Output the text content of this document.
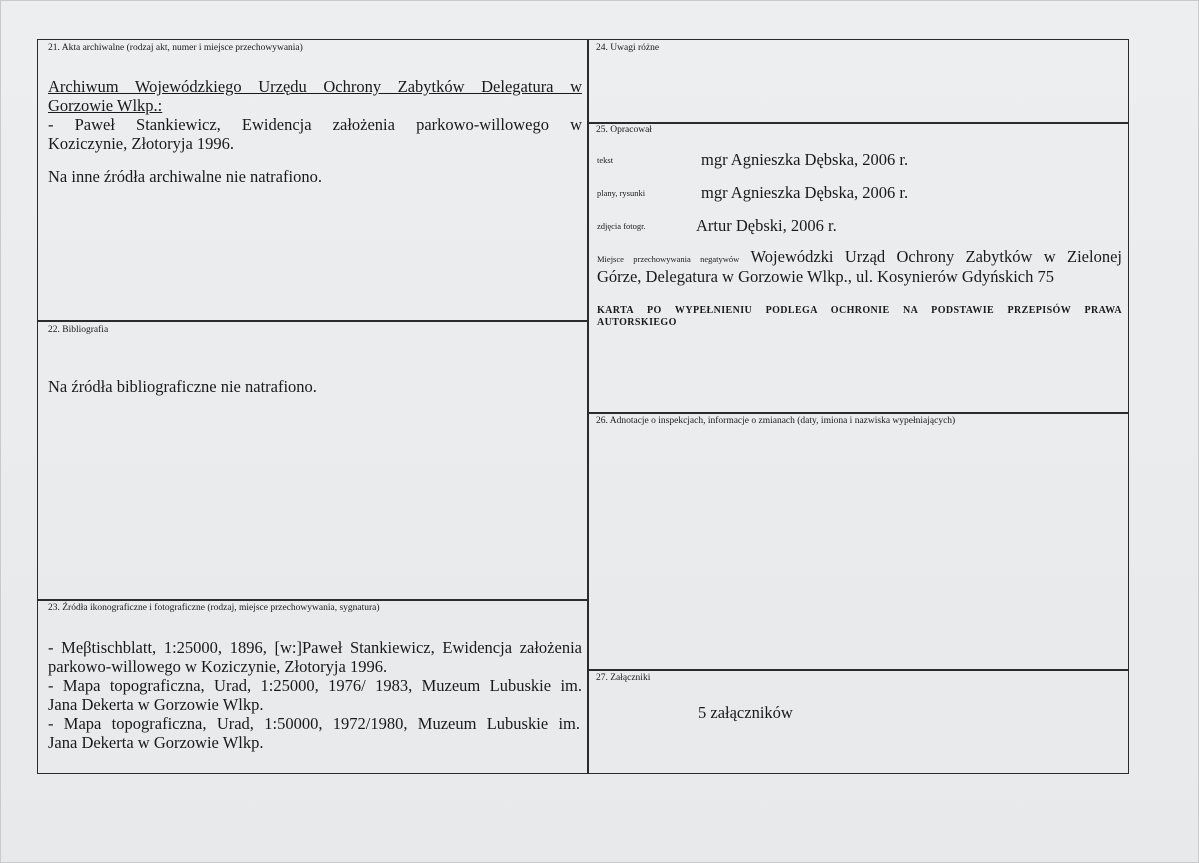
21. Akta archiwalne (rodzaj akt, numer i miejsce przechowywania)
Archiwum Wojewódzkiego Urzędu Ochrony Zabytków Delegatura w
Gorzowie Wlkp.:
- Paweł Stankiewicz, Ewidencja założenia parkowo-willowego w
Koziczynie, Złotoryja 1996.
Na inne źródła archiwalne nie natrafiono.
22. Bibliografia
Na źródła bibliograficzne nie natrafiono.
23. Źródła ikonograficzne i fotograficzne (rodzaj, miejsce przechowywania, sygnatura)
- Meβtischblatt, 1:25000, 1896, [w:]Paweł Stankiewicz, Ewidencja założenia
parkowo-willowego w Koziczynie, Złotoryja 1996.
- Mapa topograficzna, Urad, 1:25000, 1976/ 1983, Muzeum Lubuskie im.
Jana Dekerta w Gorzowie Wlkp.
- Mapa topograficzna, Urad, 1:50000, 1972/1980, Muzeum Lubuskie im.
Jana Dekerta w Gorzowie Wlkp.
24. Uwagi różne
25. Opracował
tekst	mgr Agnieszka Dębska, 2006 r.
plany, rysunki	mgr Agnieszka Dębska, 2006 r.
zdjęcia fotogr.	Artur Dębski, 2006 r.
Miejsce przechowywania negatywów Wojewódzki Urząd Ochrony Zabytków w Zielonej
Górze, Delegatura w Gorzowie Wlkp., ul. Kosynierów Gdyńskich 75
KARTA PO WYPEŁNIENIU PODLEGA OCHRONIE NA PODSTAWIE PRZEPISÓW PRAWA
AUTORSKIEGO
26. Adnotacje o inspekcjach, informacje o zmianach (daty, imiona i nazwiska wypełniających)
27. Załączniki
5 załączników
